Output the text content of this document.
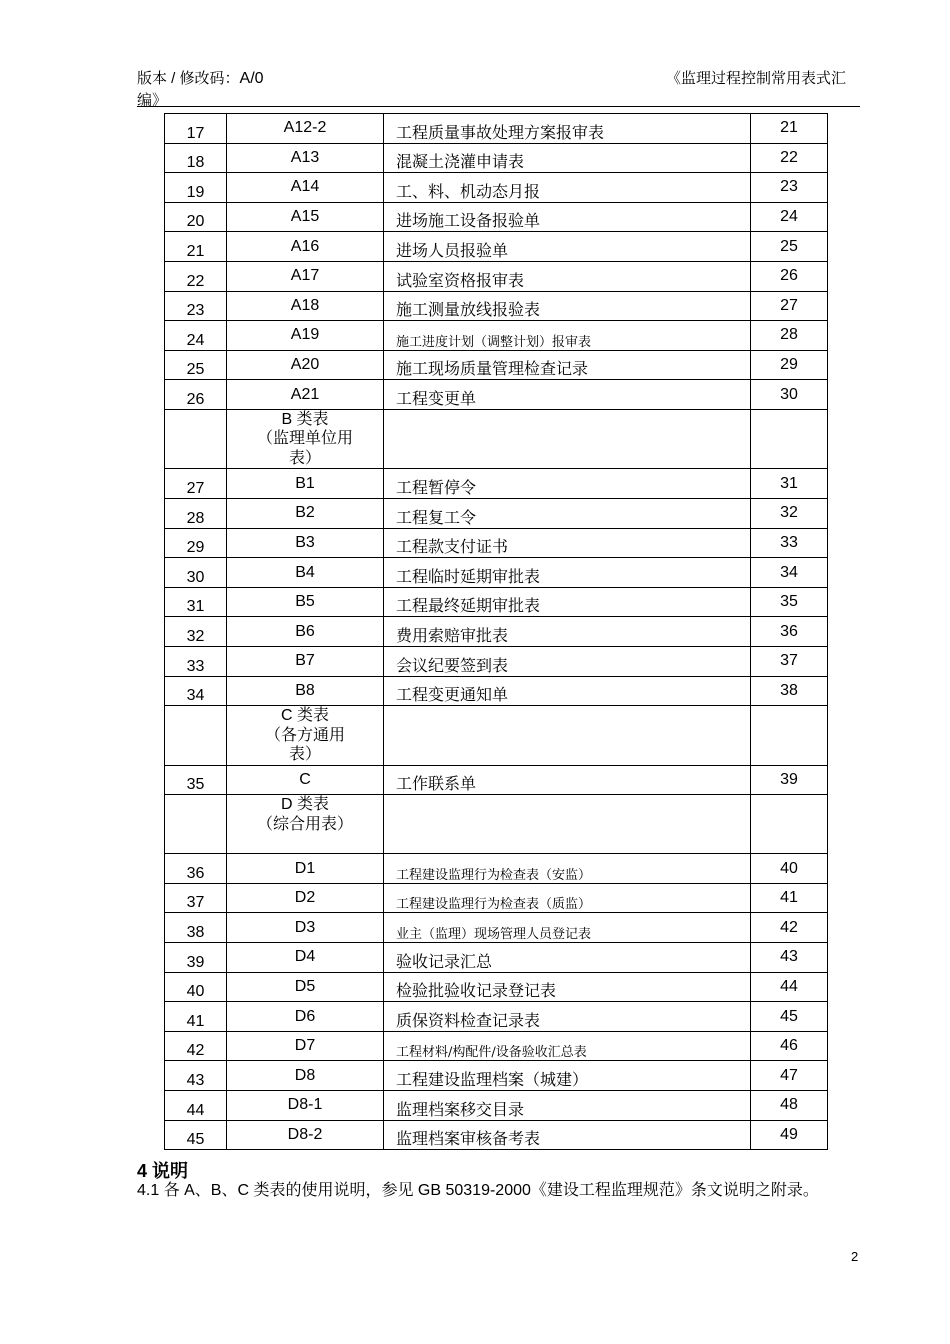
版本 / 修改码：A/0
编》
《监理过程控制常用表式汇
17	A12-2	工程质量事故处理方案报审表	21
18	A13	混凝土浇灌申请表	22
19	A14	工、料、机动态月报	23
20	A15	进场施工设备报验单	24
21	A16	进场人员报验单	25
22	A17	试验室资格报审表	26
23	A18	施工测量放线报验表	27
24	A19	施工进度计划（调整计划）报审表	28
25	A20	施工现场质量管理检查记录	29
26	A21	工程变更单	30
	B 类表
（监理单位用
表）		
27	B1	工程暂停令	31
28	B2	工程复工令	32
29	B3	工程款支付证书	33
30	B4	工程临时延期审批表	34
31	B5	工程最终延期审批表	35
32	B6	费用索赔审批表	36
33	B7	会议纪要签到表	37
34	B8	工程变更通知单	38
	C 类表
（各方通用
表）		
35	C	工作联系单	39
	D 类表
（综合用表）		
36	D1	工程建设监理行为检查表（安监）	40
37	D2	工程建设监理行为检查表（质监）	41
38	D3	业主（监理）现场管理人员登记表	42
39	D4	验收记录汇总	43
40	D5	检验批验收记录登记表	44
41	D6	质保资料检查记录表	45
42	D7	工程材料/构配件/设备验收汇总表	46
43	D8	工程建设监理档案（城建）	47
44	D8-1	监理档案移交目录	48
45	D8-2	监理档案审核备考表	49
4 说明
4.1 各 A、B、C 类表的使用说明，参见 GB 50319-2000《建设工程监理规范》条文说明之附录。
2
